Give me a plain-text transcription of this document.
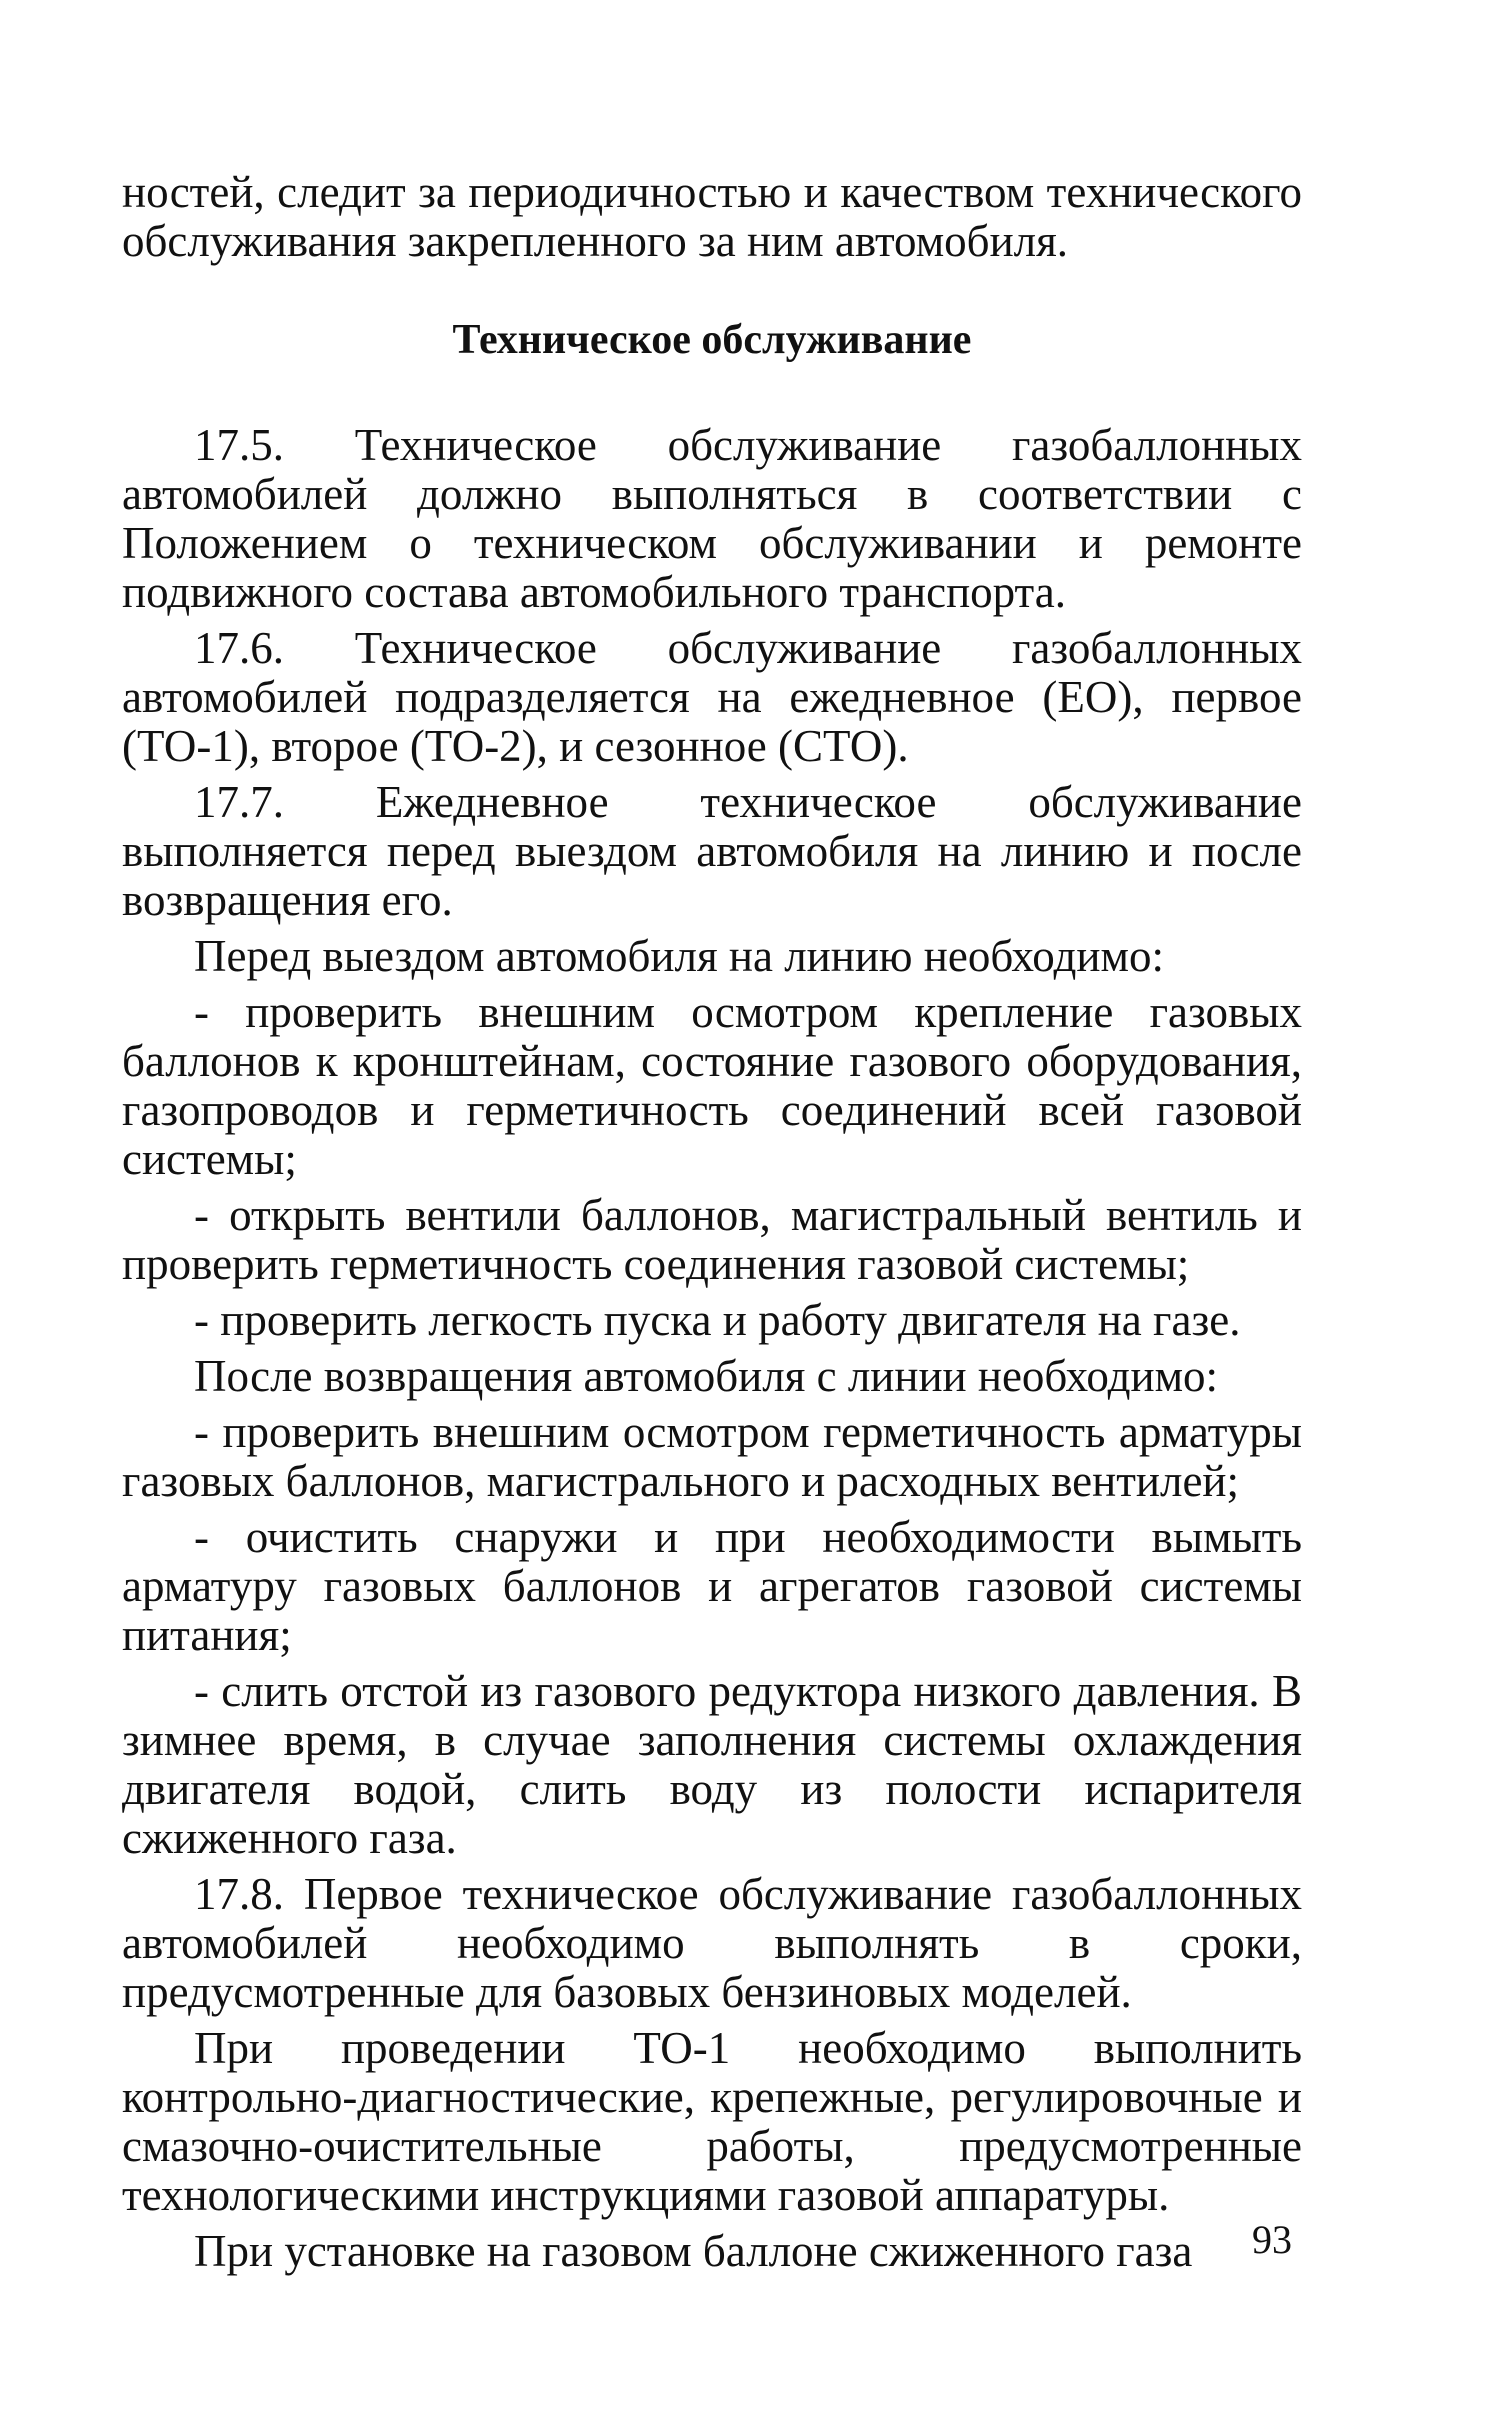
ностей, следит за периодичностью и качеством технического обслуживания закрепленного за ним автомобиля.

Техническое обслуживание

17.5. Техническое обслуживание газобаллонных автомобилей должно выполняться в соответствии с Положением о техническом обслуживании и ремонте подвижного состава автомобильного транспорта.

17.6. Техническое обслуживание газобаллонных автомобилей подразделяется на ежедневное (ЕО), первое (ТО-1), второе (ТО-2), и сезонное (СТО).

17.7. Ежедневное техническое обслуживание выполняется перед выездом автомобиля на линию и после возвращения его.

Перед выездом автомобиля на линию необходимо:

- проверить внешним осмотром крепление газовых баллонов к кронштейнам, состояние газового оборудования, газопроводов и герметичность соединений всей газовой системы;

- открыть вентили баллонов, магистральный вентиль и проверить герметичность соединения газовой системы;

- проверить легкость пуска и работу двигателя на газе.

После возвращения автомобиля с линии необходимо:

- проверить внешним осмотром герметичность арматуры газовых баллонов, магистрального и расходных вентилей;

- очистить снаружи и при необходимости вымыть арматуру газовых баллонов и агрегатов газовой системы питания;

- слить отстой из газового редуктора низкого давления. В зимнее время, в случае заполнения системы охлаждения двигателя водой, слить воду из полости испарителя сжиженного газа.

17.8. Первое техническое обслуживание газобаллонных автомобилей необходимо выполнять в сроки, предусмотренные для базовых бензиновых моделей.

При проведении ТО-1 необходимо выполнить контрольно-диагностические, крепежные, регулировочные и смазочно-очистительные работы, предусмотренные технологическими инструкциями газовой аппаратуры.

При установке на газовом баллоне сжиженного газа	93
